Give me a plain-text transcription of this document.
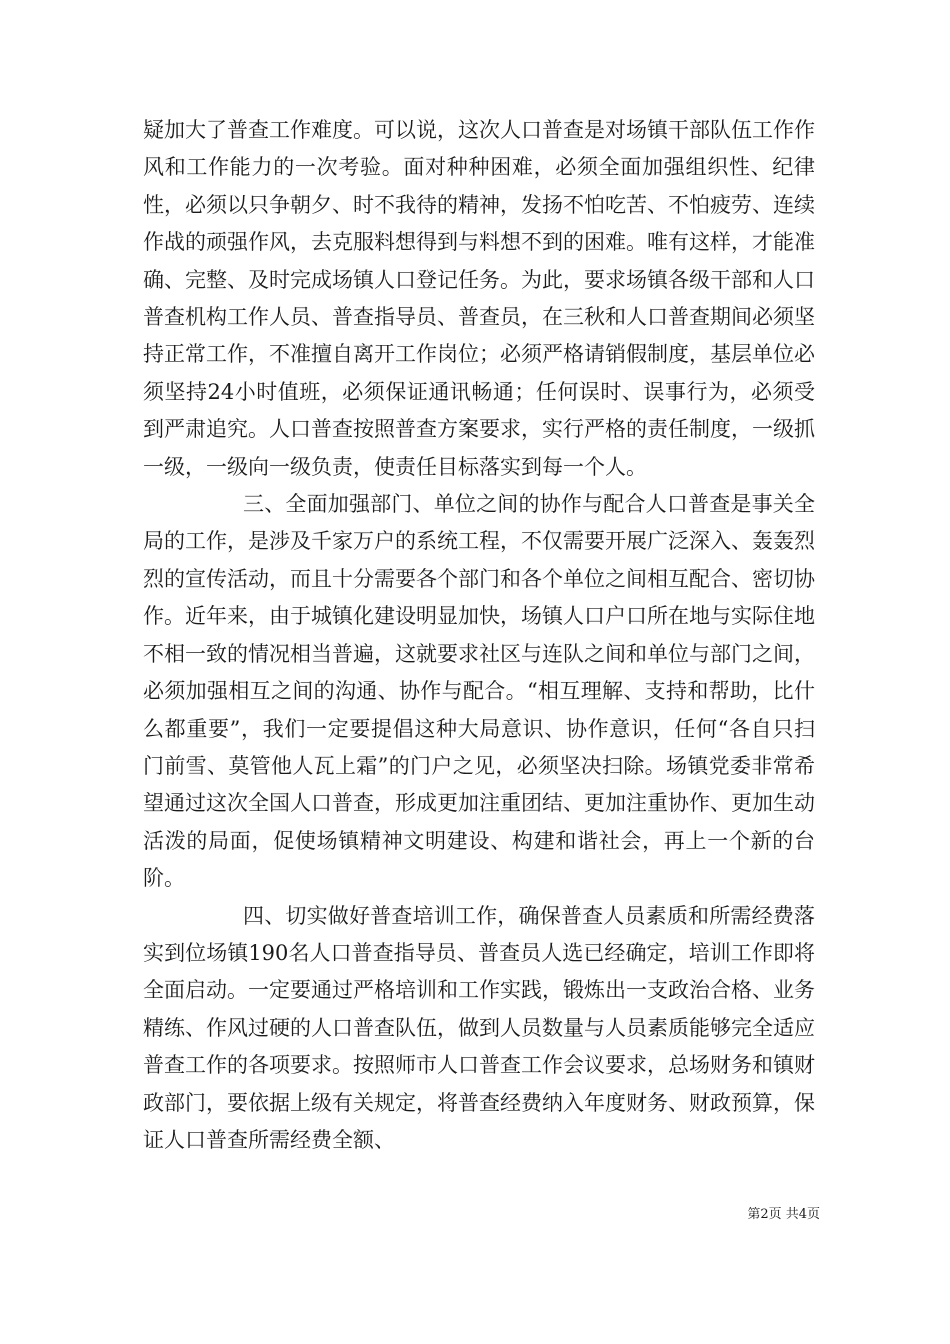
疑加大了普查工作难度。可以说，这次人口普查是对场镇干部队伍工作作风和工作能力的一次考验。面对种种困难，必须全面加强组织性、纪律性，必须以只争朝夕、时不我待的精神，发扬不怕吃苦、不怕疲劳、连续作战的顽强作风，去克服料想得到与料想不到的困难。唯有这样，才能准确、完整、及时完成场镇人口登记任务。为此，要求场镇各级干部和人口普查机构工作人员、普查指导员、普查员，在三秋和人口普查期间必须坚持正常工作，不准擅自离开工作岗位；必须严格请销假制度，基层单位必须坚持24小时值班，必须保证通讯畅通；任何误时、误事行为，必须受到严肃追究。人口普查按照普查方案要求，实行严格的责任制度，一级抓一级，一级向一级负责，使责任目标落实到每一个人。

三、全面加强部门、单位之间的协作与配合人口普查是事关全局的工作，是涉及千家万户的系统工程，不仅需要开展广泛深入、轰轰烈烈的宣传活动，而且十分需要各个部门和各个单位之间相互配合、密切协作。近年来，由于城镇化建设明显加快，场镇人口户口所在地与实际住地不相一致的情况相当普遍，这就要求社区与连队之间和单位与部门之间，必须加强相互之间的沟通、协作与配合。“相互理解、支持和帮助，比什么都重要”，我们一定要提倡这种大局意识、协作意识，任何“各自只扫门前雪、莫管他人瓦上霜”的门户之见，必须坚决扫除。场镇党委非常希望通过这次全国人口普查，形成更加注重团结、更加注重协作、更加生动活泼的局面，促使场镇精神文明建设、构建和谐社会，再上一个新的台阶。

四、切实做好普查培训工作，确保普查人员素质和所需经费落实到位场镇190名人口普查指导员、普查员人选已经确定，培训工作即将全面启动。一定要通过严格培训和工作实践，锻炼出一支政治合格、业务精练、作风过硬的人口普查队伍，做到人员数量与人员素质能够完全适应普查工作的各项要求。按照师市人口普查工作会议要求，总场财务和镇财政部门，要依据上级有关规定，将普查经费纳入年度财务、财政预算，保证人口普查所需经费全额、

第2页 共4页
